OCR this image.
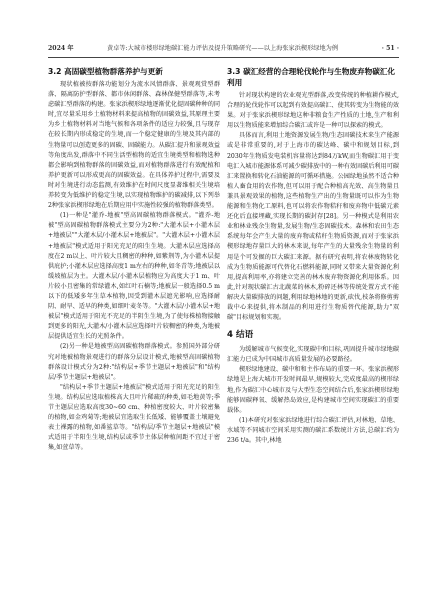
2024 年	黄卓等:大城市楼形绿地碳汇能力评估及提升策略研究——以上海张家浜楔形绿地为例	· 51 ·
3.2 高固碳型植物群落养护与更新

现状植被按群落功能划分为流水风情群落、景观观赏型群落、隔离防护型群落、都市休闲群落、森林保健型群落等,未考虑碳汇型群落的构建。张家浜楔形绿地逐渐优化提固碳种种的同时,宜尽量采用乡土植物材料来提高植物的固碳效益,其原理主要为乡土植物材料对当地气候和各项条件的适应力较强,且与现存在较长期内形成稳定的生境,而一个稳定健康的生境及其内部的生物量可以创造更多的固碳、固碳能力。从碳汇提升和景观效益等角度出发,群落中不同生活型植物的适宜生境类型和植物选种都会影响到植物群落的固碳效益,而对植物群落进行有效配植和养护更新可以形成更高的固碳效益。在具体养护过程中,需要及时对生境进行动态监测,有效维护在时间尺度显著维相关生境培养转变为低维护的稳定生境,以实现植物维护的碳减排,以下列举2种张家浜楔形绿地在后期应用中实施性较强的植物群落类型。

(1)一种是"灌乔-地被"型高固碳植物群落模式。"灌乔-地被"型高固碳植物群落模式主要分为2种:"大灌木层+小灌木层+地被层""大灌木层/小灌木层+地被层"。"大灌木层+小灌木层+地被层"模式适用于阳光充足的阳生生境。大灌木层应选择高度在2 m以上、叶片较大且稠密的种种,如紫荆等,为小灌木层提供庇护;小灌木层应选择高度1 m左右的种种,如冬青等;地被层以缓坡植层为主。大灌木层/小灌木层植物应为高度大于1 m、叶片较小且密集的常绿灌木,如红叶石楠等;地被层一般选择0.5 m以下的低矮多年生草本植物,因受到灌木层遮光影响,应选择耐阴、耐旱、适早的种类,如细叶麦冬等。"大灌木层/小灌木层+地被层"模式适用于阳光不充足的半阴生生境,为了使每株植物接触到更多的阳光,大灌木/小灌木层应选择叶片较稠密的种类,为地被层提供适宜生长的光照条件。

(2)另一种是地被型高固碳植物群落模式。参照国外部分研究对地被植物景观进行的群落分层设计模式,地被型高固碳植物群落设计模式分为2种:"结构层+季节主题层+地被层"和"结构层/季节主题层+地被层"。

"结构层+季节主题层+地被层"模式适用于阳光充足的阳生生境。结构层应选取植株高大且叶片稀疏的种类,如毛地黄等;季节主题层应选取高度30~60 cm、种植密度较大、叶片较密集的植物,如金鸡菊等;地被层宜选取生长低矮、能够覆盖土壤避免表土裸露的植物,如番鲨草等。"结构层/季节主题层+地被层"模式适用于半阳生生境,结构层或季节主体层种植间距不宜过于密集,如萱草等。

3.3 碳汇经营的合理轮伐轮作与生物废弃物碳汇化利用

针对现状构建的农业观光型群落,改变传统的种植耕作模式,合理的轮伐轮作可以起到有效提高碳汇、使其转变为生物能的效果。对于张家浜楔形绿地这种非粮食生产性质的土地,生产和利用以生物质能来增加综合碳汇或许是一种可以探索的模式。

具体而言,利用土地资源发展生物/生态固碳技术来生产能源或是非常重要的,对于上海市的碳达峰、碳中和规划目标,到2030年生物质发电装机容量将达到84万kW,而生物碳汇用于变电汇入城市能源体系可减少碳排放中的一种有效固碳后利用可碳汇来置换和转化石油能源的可循环措施。公园绿地虽然不适合种植人畜食用的农作物,但可以用于配合种植高光效、高生物量且兼具景观效果的植物,这些植物生产出的生物量既可以作为生物能源和生物化工原料,也可以将农作物秸秆和废弃物中低碳元素还化后直接埋藏,实现长期的碳封存[28]。另一种模式是利用农业和林业残余生物量,发展生物/生态固碳技术。森林和农田生态系统每年会产生大量的废弃物或秸秆生物质资源,而对于张家浜楔形绿地存量巨大的林木来说,每年产生的大量残余生物量的利用是个可发掘的巨大碳汇来源。据有研究表明,将农林废物转化成为生物质能源可代替化石燃料能源,同时又带来大量资源化利用,提高利用率,亦将建立完善的林木废弃物资源化利用体系。因此,针对现状碳汇古北蔬菜的林木,粉碎还林等传统处置方式不能解决大量碳排放的问题,利用绿地林地的更新,砍伐,枝条将修剪剪裁中心来提供,将木制品的利用进行生物质替代能源,助力"双碳"目标规划和实现。

4 结语

为缓解城市气候变化,实现碳中和目标,巩固提升城市绿地碳汇能力已成为中国城市高质量发展的必要路径。

楔形绿地建设、碳中和和主作布局的重要一环。张家浜楔形绿地是上海大城市开发时间最早,规模较大,完成度最高的楔形绿地,作为碳汇中心城市及与大型生态空间结合后,张家浜楔形绿地能够固碳释氧、缓解热岛效应,是构建城市空间实现碳汇的重要载体。

(1)本研究对张家浜绿地进行综合碳汇评估,对林地、草地、水域等不同城市空间采用实测的碳汇系数统计方法,总碳汇约为236 t/a。其中,林地
